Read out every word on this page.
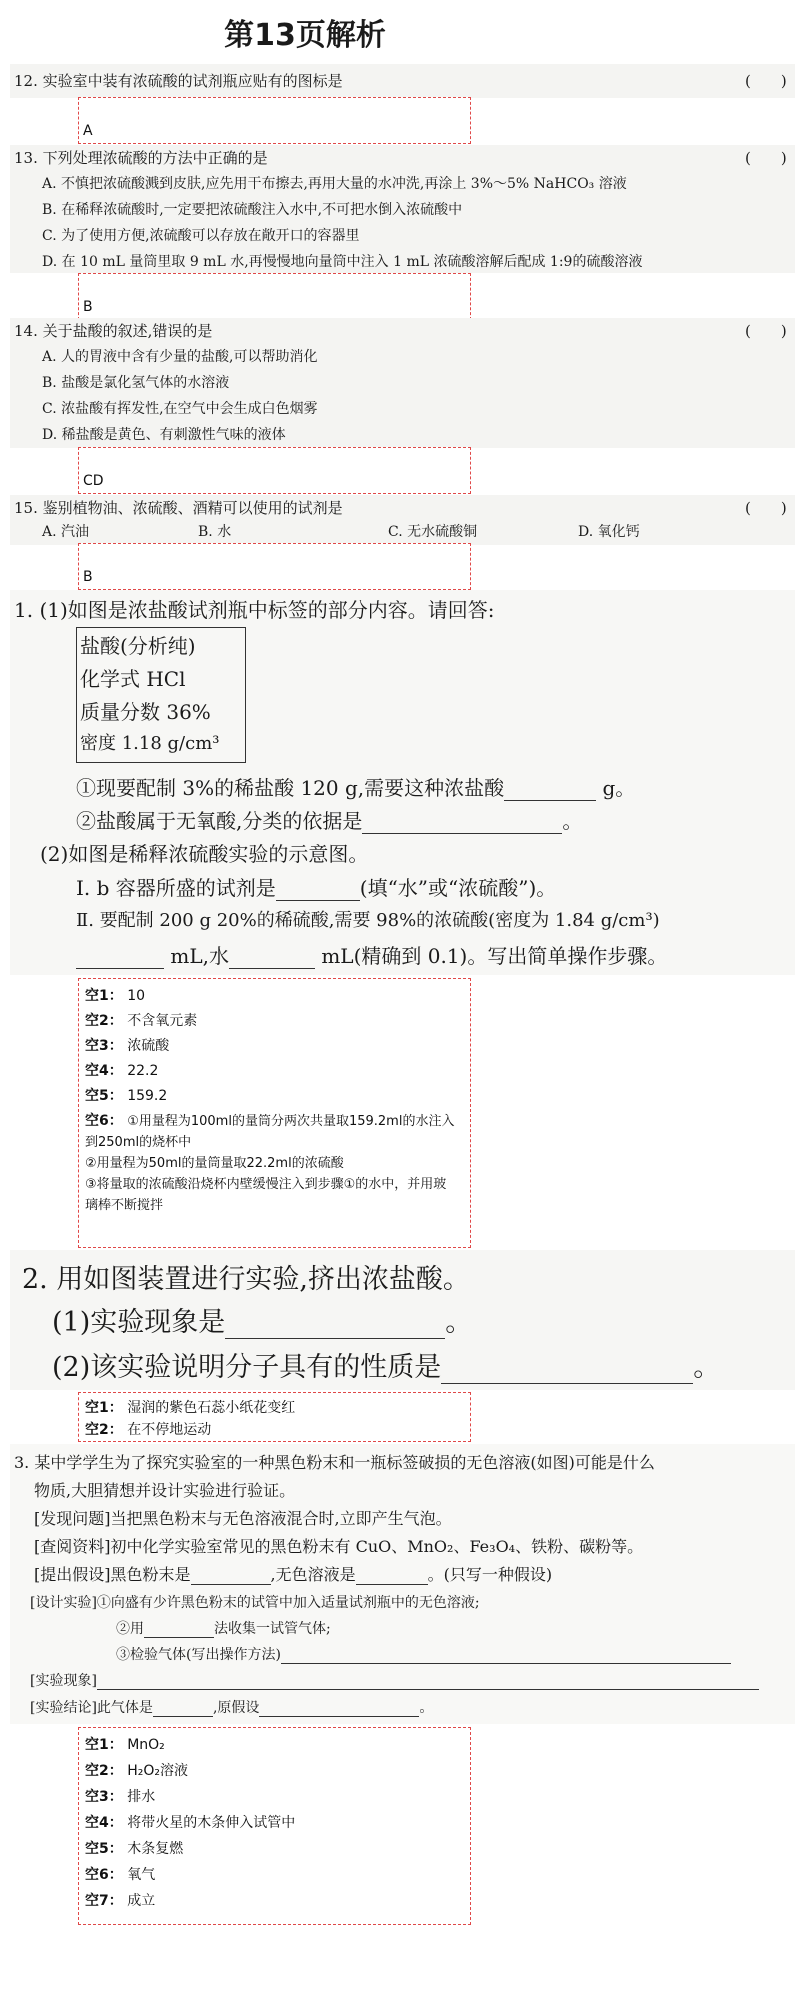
第13页解析
12. 实验室中装有浓硫酸的试剂瓶应贴有的图标是	(　　)
A
13. 下列处理浓硫酸的方法中正确的是	(　　)
A. 不慎把浓硫酸溅到皮肤,应先用干布擦去,再用大量的水冲洗,再涂上 3%～5% NaHCO₃ 溶液
B. 在稀释浓硫酸时,一定要把浓硫酸注入水中,不可把水倒入浓硫酸中
C. 为了使用方便,浓硫酸可以存放在敞开口的容器里
D. 在 10 mL 量筒里取 9 mL 水,再慢慢地向量筒中注入 1 mL 浓硫酸溶解后配成 1:9的硫酸溶液
B
14. 关于盐酸的叙述,错误的是	(　　)
A. 人的胃液中含有少量的盐酸,可以帮助消化
B. 盐酸是氯化氢气体的水溶液
C. 浓盐酸有挥发性,在空气中会生成白色烟雾
D. 稀盐酸是黄色、有刺激性气味的液体
CD
15. 鉴别植物油、浓硫酸、酒精可以使用的试剂是	(　　)
A. 汽油	B. 水	C. 无水硫酸铜	D. 氧化钙
B
1. (1)如图是浓盐酸试剂瓶中标签的部分内容。请回答:
盐酸(分析纯)
化学式 HCl
质量分数 36%
密度 1.18 g/cm³
①现要配制 3%的稀盐酸 120 g,需要这种浓盐酸	g。
②盐酸属于无氧酸,分类的依据是	。
(2)如图是稀释浓硫酸实验的示意图。
Ⅰ. b 容器所盛的试剂是	(填“水”或“浓硫酸”)。
Ⅱ. 要配制 200 g 20%的稀硫酸,需要 98%的浓硫酸(密度为 1.84 g/cm³)
mL,水	mL(精确到 0.1)。写出简单操作步骤。
空1： 10
空2： 不含氧元素
空3： 浓硫酸
空4： 22.2
空5： 159.2
空6： ①用量程为100ml的量筒分两次共量取159.2ml的水注入到250ml的烧杯中
②用量程为50ml的量筒量取22.2ml的浓硫酸
③将量取的浓硫酸沿烧杯内壁缓慢注入到步骤①的水中，并用玻璃棒不断搅拌
2. 用如图装置进行实验,挤出浓盐酸。
(1)实验现象是	。
(2)该实验说明分子具有的性质是	。
空1： 湿润的紫色石蕊小纸花变红
空2： 在不停地运动
3. 某中学学生为了探究实验室的一种黑色粉末和一瓶标签破损的无色溶液(如图)可能是什么
物质,大胆猜想并设计实验进行验证。
[发现问题]当把黑色粉末与无色溶液混合时,立即产生气泡。
[查阅资料]初中化学实验室常见的黑色粉末有 CuO、MnO₂、Fe₃O₄、铁粉、碳粉等。
[提出假设]黑色粉末是	,无色溶液是	。(只写一种假设)
[设计实验]①向盛有少许黑色粉末的试管中加入适量试剂瓶中的无色溶液;
②用	法收集一试管气体;
③检验气体(写出操作方法)
[实验现象]
[实验结论]此气体是	,原假设	。
空1： MnO₂
空2： H₂O₂溶液
空3： 排水
空4： 将带火星的木条伸入试管中
空5： 木条复燃
空6： 氧气
空7： 成立
